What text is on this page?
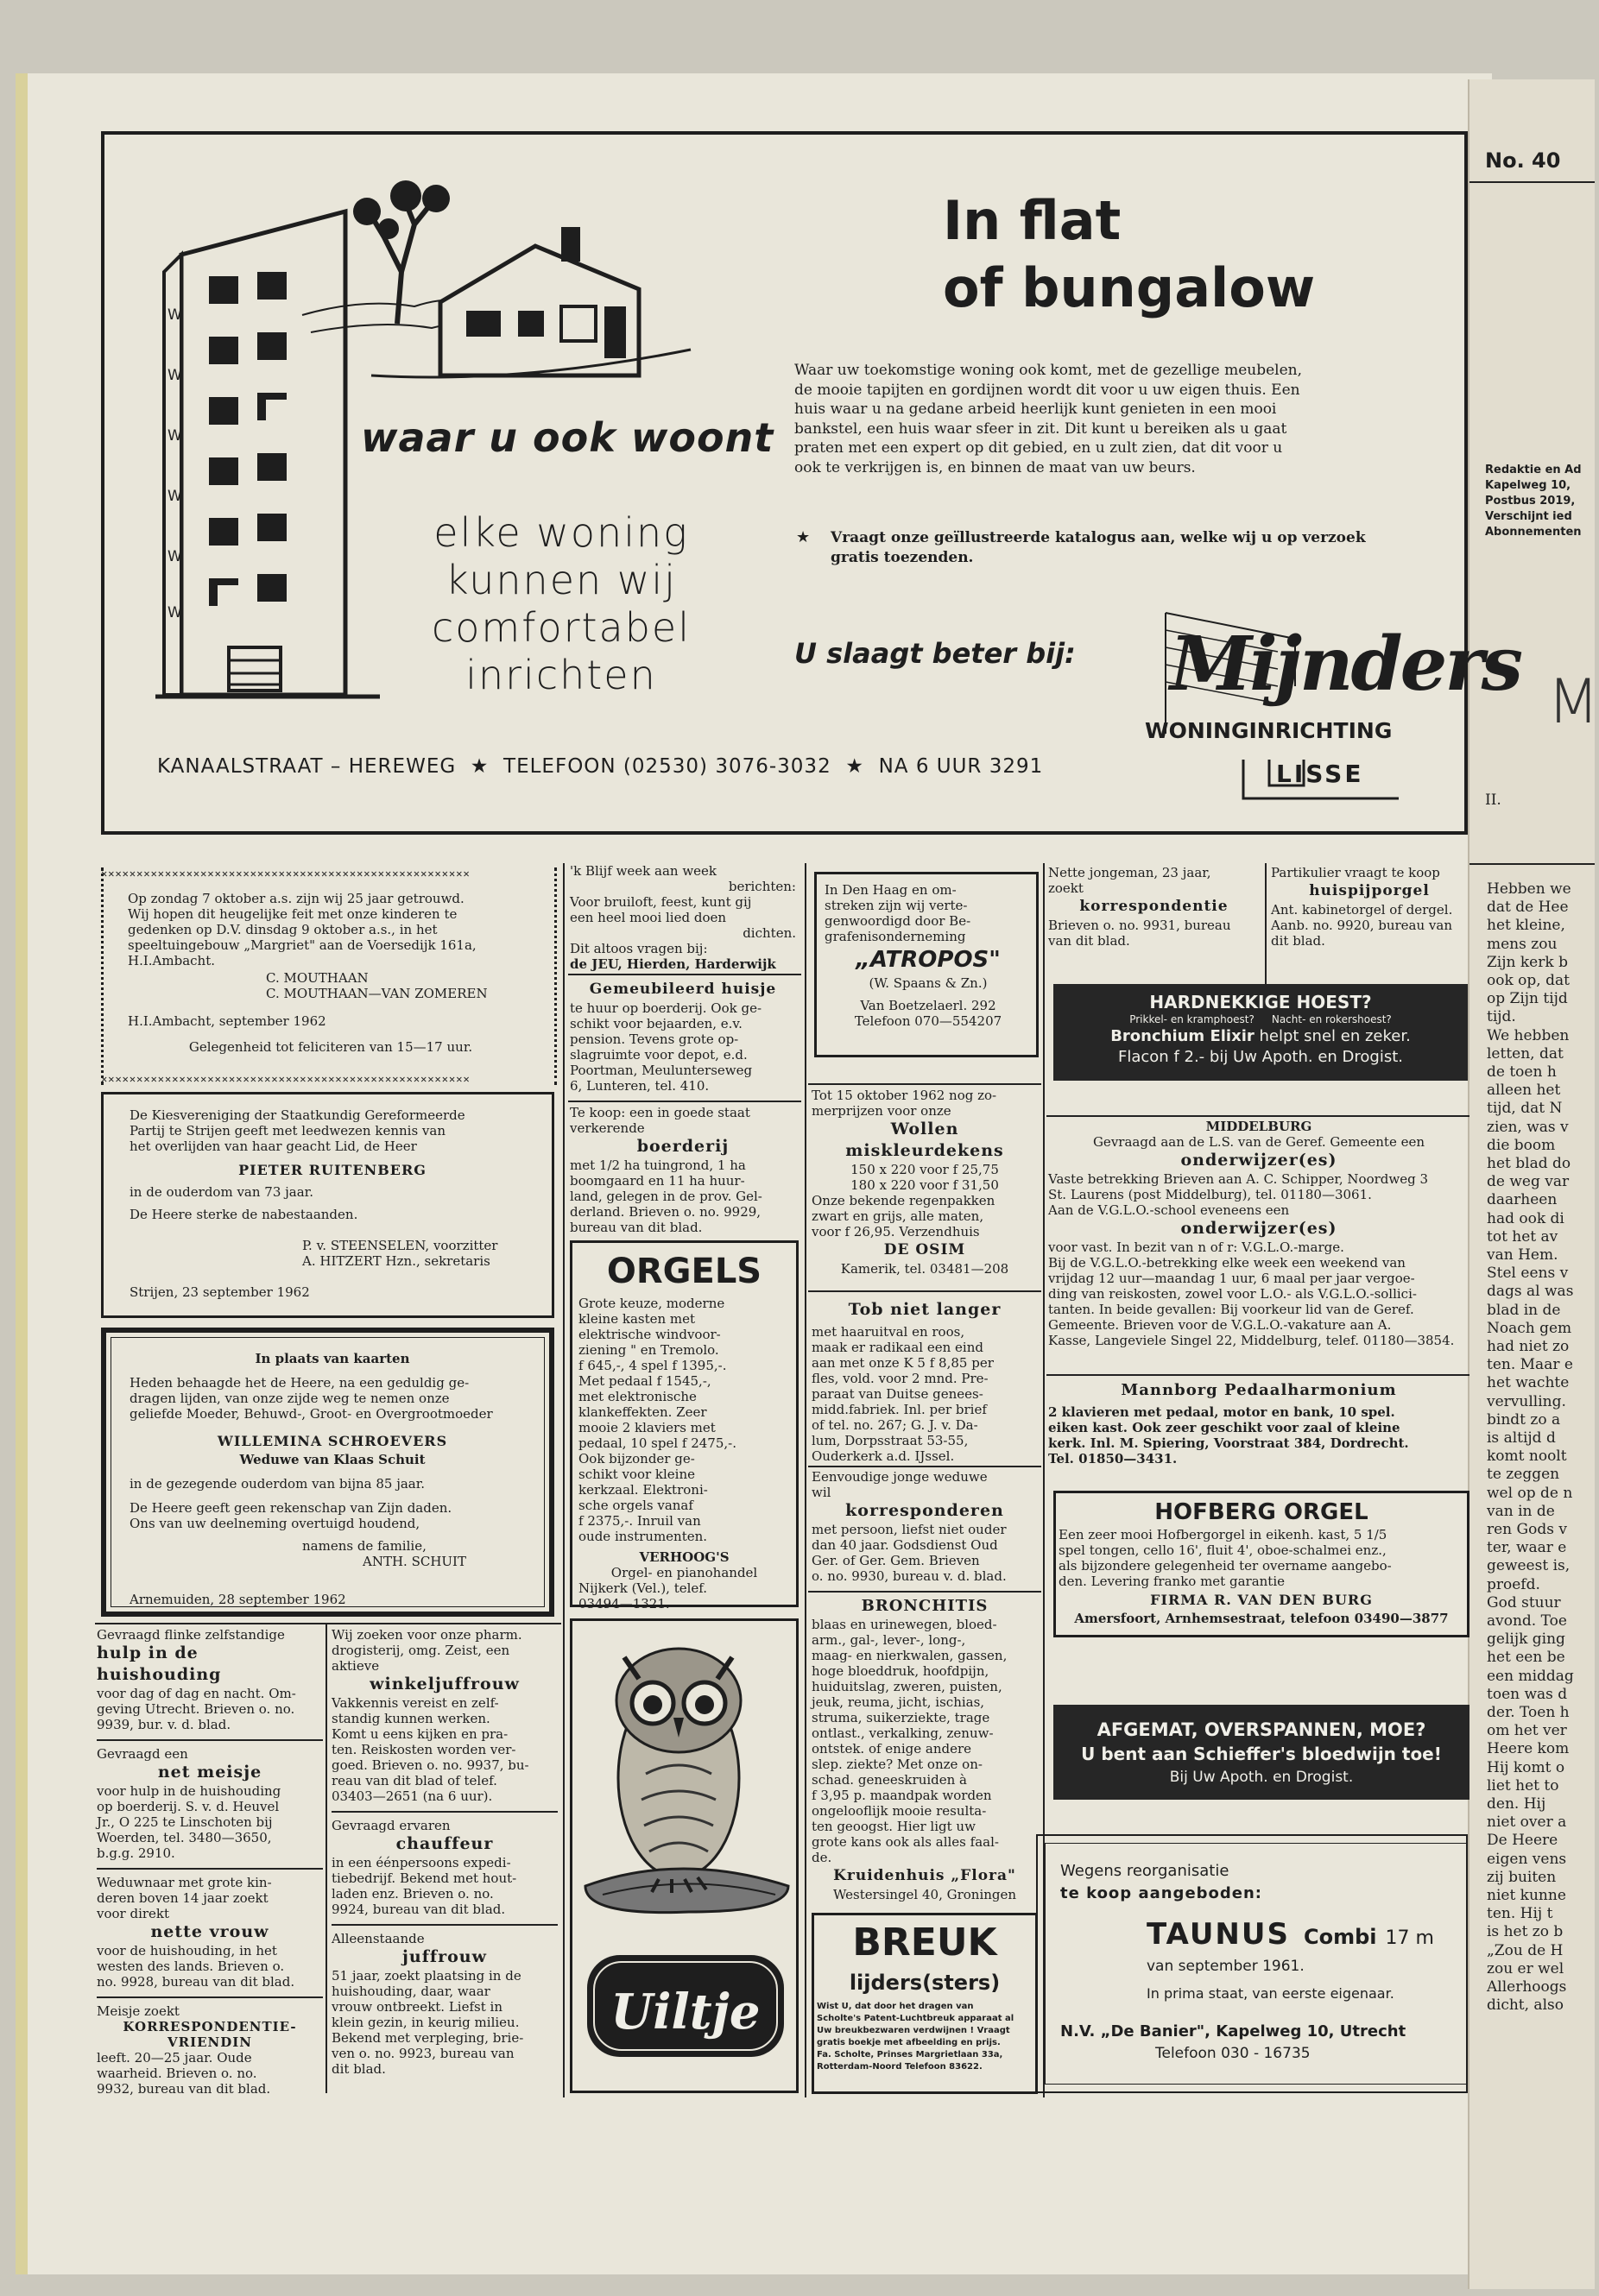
No. 40
Redaktie en Ad
Kapelweg 10,
Postbus 2019,
Verschijnt ied
Abonnementen
M
II.
Hebben we
dat de Hee
het kleine,
mens zou
Zijn kerk b
ook op, dat
op Zijn tijd
tijd.
We hebben
letten, dat
de toen h
alleen het
tijd, dat N
zien, was v
die boom
het blad do
de weg var
daarheen
had ook di
tot het av
van Hem.
Stel eens v
dags al was
blad in de
Noach gem
had niet zo
ten. Maar e
het wachte
vervulling.
bindt zo a
is altijd d
komt noolt
te zeggen
wel op de n
van in de
ren Gods v
ter, waar e
geweest is,
proefd.
God stuur
avond. Toe
gelijk ging
het een be
een middag
toen was d
der. Toen h
om het ver
Heere kom
Hij komt o
liet het to
den. Hij
niet over a
De Heere
eigen vens
zij buiten
niet kunne
ten. Hij t
is het zo b
„Zou de H
zou er wel
Allerhoogs
dicht, also
W
W
W
W
W
W
waar u ook woont
elke woning
kunnen wij
comfortabel
inrichten
In flat
of bungalow
Waar uw toekomstige woning ook komt, met de gezellige meubelen,
de mooie tapijten en gordijnen wordt dit voor u uw eigen thuis. Een
huis waar u na gedane arbeid heerlijk kunt genieten in een mooi
bankstel, een huis waar sfeer in zit. Dit kunt u bereiken als u gaat
praten met een expert op dit gebied, en u zult zien, dat dit voor u
ook te verkrijgen is, en binnen de maat van uw beurs.
★ Vraagt onze geïllustreerde katalogus aan, welke wij u op verzoek
gratis toezenden.
U slaagt beter bij: Mijnders
WONINGINRICHTING
LISSE
KANAALSTRAAT – HEREWEG  ★  TELEFOON (02530) 3076-3032  ★  NA 6 UUR 3291
✕✕✕✕✕✕✕✕✕✕✕✕✕✕✕✕✕✕✕✕✕✕✕✕✕✕✕✕✕✕✕✕✕✕✕✕✕✕✕✕✕✕✕✕✕✕✕✕✕✕✕✕
✕✕✕✕✕✕✕✕✕✕✕✕✕✕✕✕✕✕✕✕✕✕✕✕✕✕✕✕✕✕✕✕✕✕✕✕✕✕✕✕✕✕✕✕✕✕✕✕✕✕✕✕
Op zondag 7 oktober a.s. zijn wij 25 jaar getrouwd.
Wij hopen dit heugelijke feit met onze kinderen te
gedenken op D.V. dinsdag 9 oktober a.s., in het
speeltuingebouw „Margriet" aan de Voersedijk 161a,
H.I.Ambacht.
C. MOUTHAAN
C. MOUTHAAN—VAN ZOMEREN
H.I.Ambacht, september 1962
Gelegenheid tot feliciteren van 15—17 uur.
De Kiesvereniging der Staatkundig Gereformeerde
Partij te Strijen geeft met leedwezen kennis van
het overlijden van haar geacht Lid, de Heer
PIETER RUITENBERG
in de ouderdom van 73 jaar.
De Heere sterke de nabestaanden.
P. v. STEENSELEN, voorzitter
A. HITZERT Hzn., sekretaris
Strijen, 23 september 1962
In plaats van kaarten
Heden behaagde het de Heere, na een geduldig ge-
dragen lijden, van onze zijde weg te nemen onze
geliefde Moeder, Behuwd-, Groot- en Overgrootmoeder
WILLEMINA SCHROEVERS
Weduwe van Klaas Schuit
in de gezegende ouderdom van bijna 85 jaar.
De Heere geeft geen rekenschap van Zijn daden.
Ons van uw deelneming overtuigd houdend,
namens de familie,
ANTH. SCHUIT
Arnemuiden, 28 september 1962
Gevraagd flinke zelfstandige
hulp in de huishouding
voor dag of dag en nacht. Om-
geving Utrecht. Brieven o. no.
9939, bur. v. d. blad.
Gevraagd een
net meisje
voor hulp in de huishouding
op boerderij. S. v. d. Heuvel
Jr., O 225 te Linschoten bij
Woerden, tel. 3480—3650,
b.g.g. 2910.
Weduwnaar met grote kin-
deren boven 14 jaar zoekt
voor direkt
nette vrouw
voor de huishouding, in het
westen des lands. Brieven o.
no. 9928, bureau van dit blad.
Meisje zoekt
KORRESPONDENTIE-
VRIENDIN
leeft. 20—25 jaar. Oude
waarheid. Brieven o. no.
9932, bureau van dit blad.
Wij zoeken voor onze pharm.
drogisterij, omg. Zeist, een
aktieve
winkeljuffrouw
Vakkennis vereist en zelf-
standig kunnen werken.
Komt u eens kijken en pra-
ten. Reiskosten worden ver-
goed. Brieven o. no. 9937, bu-
reau van dit blad of telef.
03403—2651 (na 6 uur).
Gevraagd ervaren
chauffeur
in een éénpersoons expedi-
tiebedrijf. Bekend met hout-
laden enz. Brieven o. no.
9924, bureau van dit blad.
Alleenstaande
juffrouw
51 jaar, zoekt plaatsing in de
huishouding, daar, waar
vrouw ontbreekt. Liefst in
klein gezin, in keurig milieu.
Bekend met verpleging, brie-
ven o. no. 9923, bureau van
dit blad.
'k Blijf week aan week
berichten:
Voor bruiloft, feest, kunt gij
een heel mooi lied doen
dichten.
Dit altoos vragen bij:
de JEU, Hierden, Harderwijk
Gemeubileerd huisje
te huur op boerderij. Ook ge-
schikt voor bejaarden, e.v.
pension. Tevens grote op-
slagruimte voor depot, e.d.
Poortman, Meulunterseweg
6, Lunteren, tel. 410.
Te koop: een in goede staat
verkerende
boerderij
met 1/2 ha tuingrond, 1 ha
boomgaard en 11 ha huur-
land, gelegen in de prov. Gel-
derland. Brieven o. no. 9929,
bureau van dit blad.
ORGELS
Grote keuze, moderne
kleine kasten met
elektrische windvoor-
ziening " en Tremolo.
f 645,-, 4 spel f 1395,-.
Met pedaal f 1545,-,
met elektronische
klankeffekten. Zeer
mooie 2 klaviers met
pedaal, 10 spel f 2475,-.
Ook bijzonder ge-
schikt voor kleine
kerkzaal. Elektroni-
sche orgels vanaf
f 2375,-. Inruil van
oude instrumenten.
VERHOOG'S
Orgel- en pianohandel
Nijkerk (Vel.), telef.
03494—1321.
Uiltje
In Den Haag en om-
streken zijn wij verte-
genwoordigd door Be-
grafenisonderneming
„ATROPOS"
(W. Spaans & Zn.)
Van Boetzelaerl. 292
Telefoon 070—554207
Tot 15 oktober 1962 nog zo-
merprijzen voor onze
Wollen
miskleurdekens
150 x 220 voor f 25,75
180 x 220 voor f 31,50
Onze bekende regenpakken
zwart en grijs, alle maten,
voor f 26,95. Verzendhuis
DE OSIM
Kamerik, tel. 03481—208
Tob niet langer
met haaruitval en roos,
maak er radikaal een eind
aan met onze K 5 f 8,85 per
fles, vold. voor 2 mnd. Pre-
paraat van Duitse genees-
midd.fabriek. Inl. per brief
of tel. no. 267; G. J. v. Da-
lum, Dorpsstraat 53-55,
Ouderkerk a.d. IJssel.
Eenvoudige jonge weduwe
wil
korresponderen
met persoon, liefst niet ouder
dan 40 jaar. Godsdienst Oud
Ger. of Ger. Gem. Brieven
o. no. 9930, bureau v. d. blad.
BRONCHITIS
blaas en urinewegen, bloed-
arm., gal-, lever-, long-,
maag- en nierkwalen, gassen,
hoge bloeddruk, hoofdpijn,
huiduitslag, zweren, puisten,
jeuk, reuma, jicht, ischias,
struma, suikerziekte, trage
ontlast., verkalking, zenuw-
ontstek. of enige andere
slep. ziekte? Met onze on-
schad. geneeskruiden à
f 3,95 p. maandpak worden
ongelooflijk mooie resulta-
ten geoogst. Hier ligt uw
grote kans ook als alles faal-
de.
Kruidenhuis „Flora"
Westersingel 40, Groningen
BREUK
lijders(sters)
Wist U, dat door het dragen van
Scholte's Patent-Luchtbreuk apparaat al
Uw breukbezwaren verdwijnen ! Vraagt
gratis boekje met afbeelding en prijs.
Fa. Scholte, Prinses Margrietlaan 33a,
Rotterdam-Noord Telefoon 83622.
Nette jongeman, 23 jaar,
zoekt
korrespondentie
Brieven o. no. 9931, bureau
van dit blad.
Partikulier vraagt te koop
huispijporgel
Ant. kabinetorgel of dergel.
Aanb. no. 9920, bureau van
dit blad.
HARDNEKKIGE HOEST?
Prikkel- en kramphoest? Nacht- en rokershoest?
Bronchium Elixir helpt snel en zeker.
Flacon f 2.- bij Uw Apoth. en Drogist.
MIDDELBURG
Gevraagd aan de L.S. van de Geref. Gemeente een
onderwijzer(es)
Vaste betrekking Brieven aan A. C. Schipper, Noordweg 3
St. Laurens (post Middelburg), tel. 01180—3061.
Aan de V.G.L.O.-school eveneens een
onderwijzer(es)
voor vast. In bezit van n of r: V.G.L.O.-marge.
Bij de V.G.L.O.-betrekking elke week een weekend van
vrijdag 12 uur—maandag 1 uur, 6 maal per jaar vergoe-
ding van reiskosten, zowel voor L.O.- als V.G.L.O.-sollici-
tanten. In beide gevallen: Bij voorkeur lid van de Geref.
Gemeente. Brieven voor de V.G.L.O.-vakature aan A.
Kasse, Langeviele Singel 22, Middelburg, telef. 01180—3854.
Mannborg Pedaalharmonium
2 klavieren met pedaal, motor en bank, 10 spel.
eiken kast. Ook zeer geschikt voor zaal of kleine
kerk. Inl. M. Spiering, Voorstraat 384, Dordrecht.
Tel. 01850—3431.
HOFBERG ORGEL
Een zeer mooi Hofbergorgel in eikenh. kast, 5 1/5
spel tongen, cello 16', fluit 4', oboe-schalmei enz.,
als bijzondere gelegenheid ter overname aangebo-
den. Levering franko met garantie
FIRMA R. VAN DEN BURG
Amersfoort, Arnhemsestraat, telefoon 03490—3877
AFGEMAT, OVERSPANNEN, MOE?
U bent aan Schieffer's bloedwijn toe!
Bij Uw Apoth. en Drogist.
Wegens reorganisatie
te koop aangeboden:
TAUNUS Combi 17 m
van september 1961.
In prima staat, van eerste eigenaar.
N.V. „De Banier", Kapelweg 10, Utrecht
Telefoon 030 - 16735
